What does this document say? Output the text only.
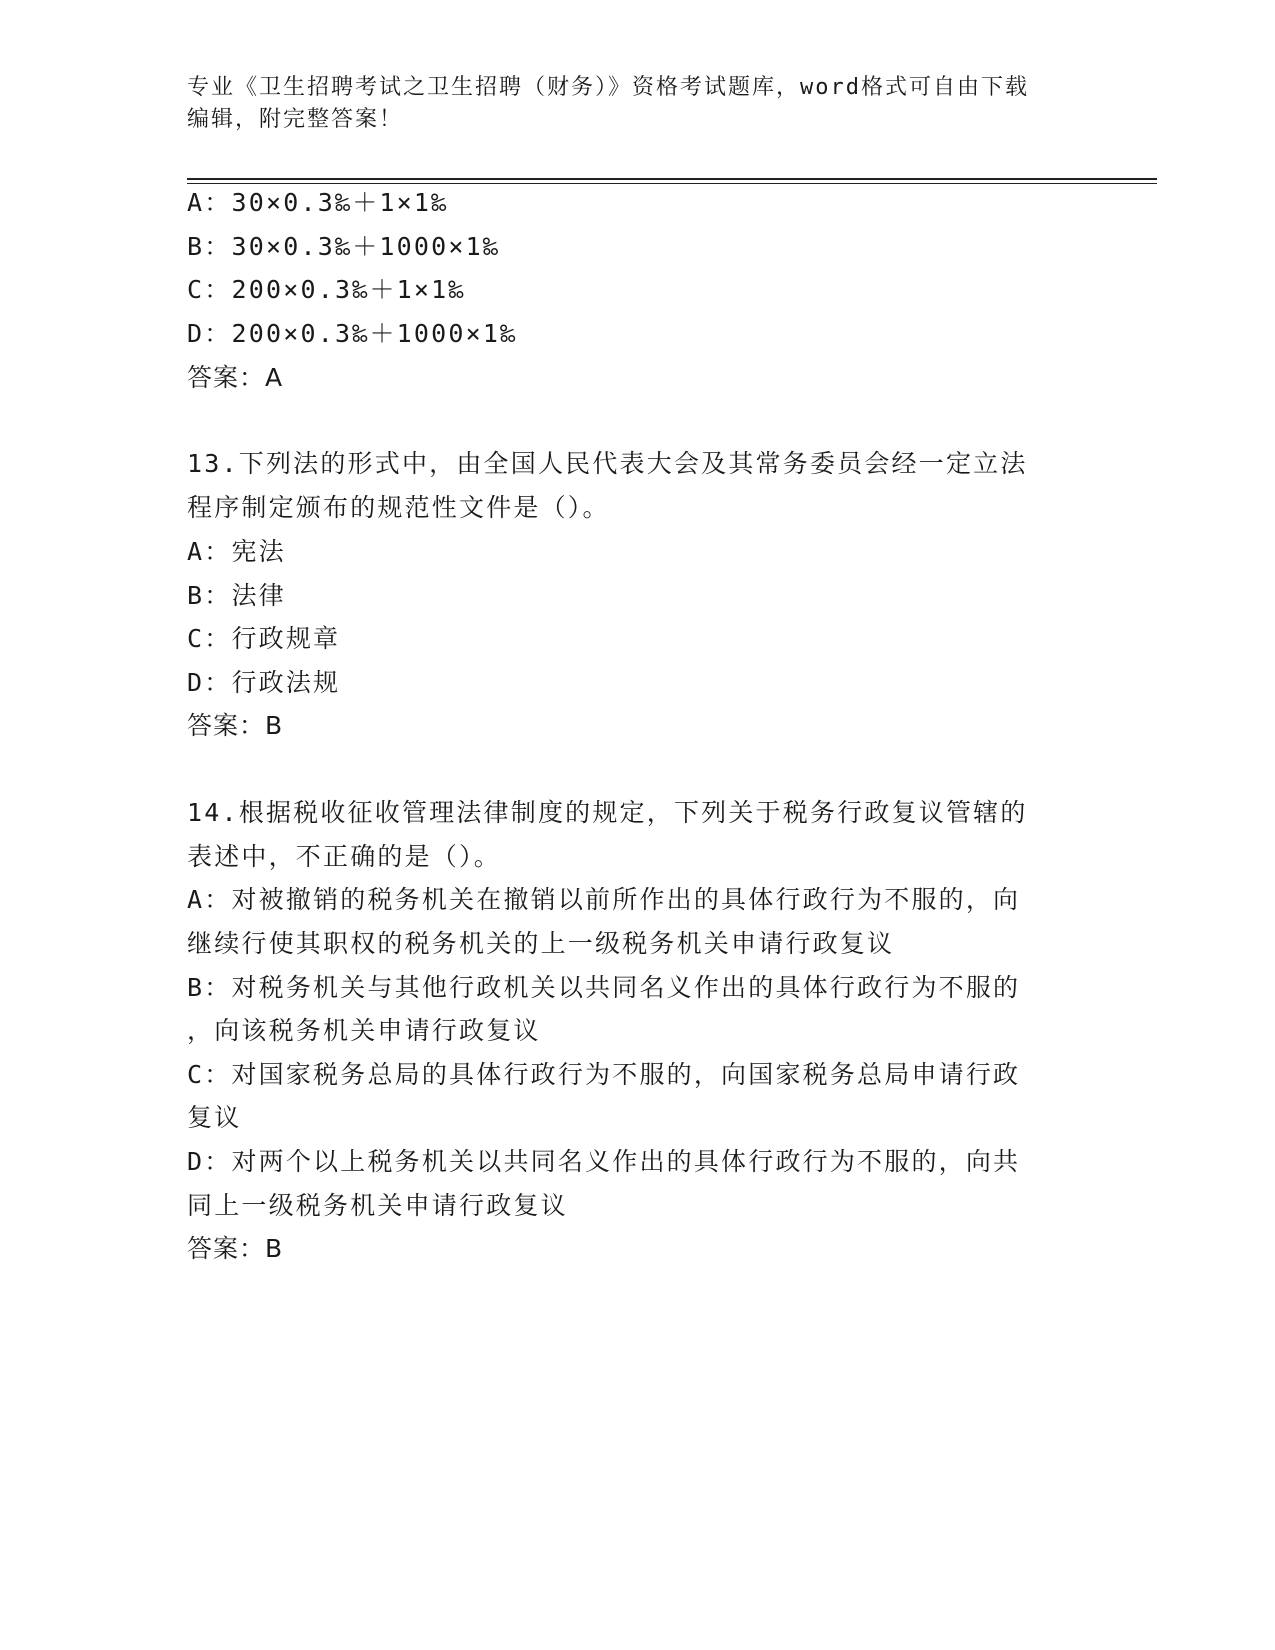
专业《卫生招聘考试之卫生招聘（财务）》资格考试题库，word格式可自由下载
编辑，附完整答案！
A：30×0.3‰＋1×1‰
B：30×0.3‰＋1000×1‰
C：200×0.3‰＋1×1‰
D：200×0.3‰＋1000×1‰
答案：A
13.下列法的形式中，由全国人民代表大会及其常务委员会经一定立法
程序制定颁布的规范性文件是（）。
A：宪法
B：法律
C：行政规章
D：行政法规
答案：B
14.根据税收征收管理法律制度的规定，下列关于税务行政复议管辖的
表述中，不正确的是（）。
A：对被撤销的税务机关在撤销以前所作出的具体行政行为不服的，向
继续行使其职权的税务机关的上一级税务机关申请行政复议
B：对税务机关与其他行政机关以共同名义作出的具体行政行为不服的
，向该税务机关申请行政复议
C：对国家税务总局的具体行政行为不服的，向国家税务总局申请行政
复议
D：对两个以上税务机关以共同名义作出的具体行政行为不服的，向共
同上一级税务机关申请行政复议
答案：B
